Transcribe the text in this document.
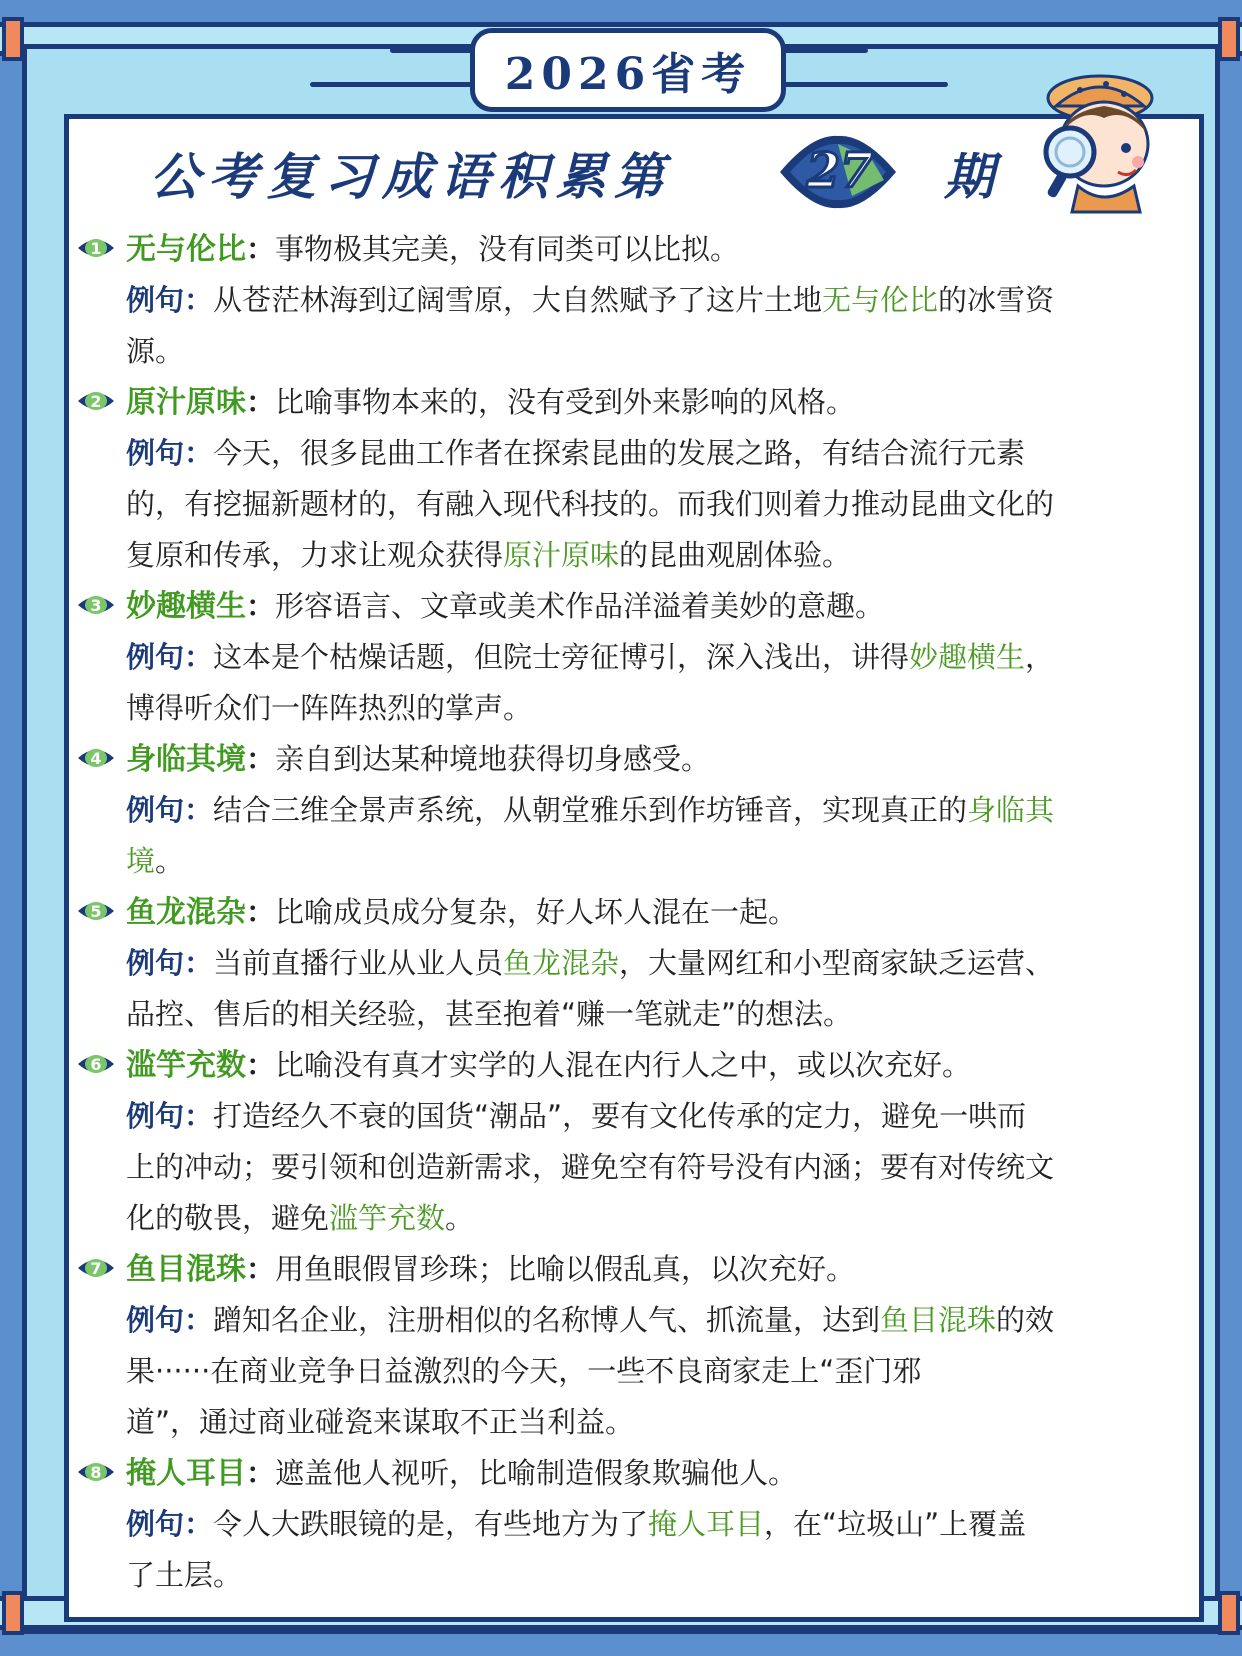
2026省考
公考复习成语积累第	27	期
1 无与伦比：事物极其完美，没有同类可以比拟。
例句：从苍茫林海到辽阔雪原，大自然赋予了这片土地无与伦比的冰雪资
源。
2 原汁原味：比喻事物本来的，没有受到外来影响的风格。
例句：今天，很多昆曲工作者在探索昆曲的发展之路，有结合流行元素
的，有挖掘新题材的，有融入现代科技的。而我们则着力推动昆曲文化的
复原和传承，力求让观众获得原汁原味的昆曲观剧体验。
3 妙趣横生：形容语言、文章或美术作品洋溢着美妙的意趣。
例句：这本是个枯燥话题，但院士旁征博引，深入浅出，讲得妙趣横生，
博得听众们一阵阵热烈的掌声。
4 身临其境：亲自到达某种境地获得切身感受。
例句：结合三维全景声系统，从朝堂雅乐到作坊锤音，实现真正的身临其
境。
5 鱼龙混杂：比喻成员成分复杂，好人坏人混在一起。
例句：当前直播行业从业人员鱼龙混杂，大量网红和小型商家缺乏运营、
品控、售后的相关经验，甚至抱着“赚一笔就走”的想法。
6 滥竽充数：比喻没有真才实学的人混在内行人之中，或以次充好。
例句：打造经久不衰的国货“潮品”，要有文化传承的定力，避免一哄而
上的冲动；要引领和创造新需求，避免空有符号没有内涵；要有对传统文
化的敬畏，避免滥竽充数。
7 鱼目混珠：用鱼眼假冒珍珠；比喻以假乱真，以次充好。
例句：蹭知名企业，注册相似的名称博人气、抓流量，达到鱼目混珠的效
果······在商业竞争日益激烈的今天，一些不良商家走上“歪门邪
道”，通过商业碰瓷来谋取不正当利益。
8 掩人耳目：遮盖他人视听，比喻制造假象欺骗他人。
例句：令人大跌眼镜的是，有些地方为了掩人耳目，在“垃圾山”上覆盖
了土层。
